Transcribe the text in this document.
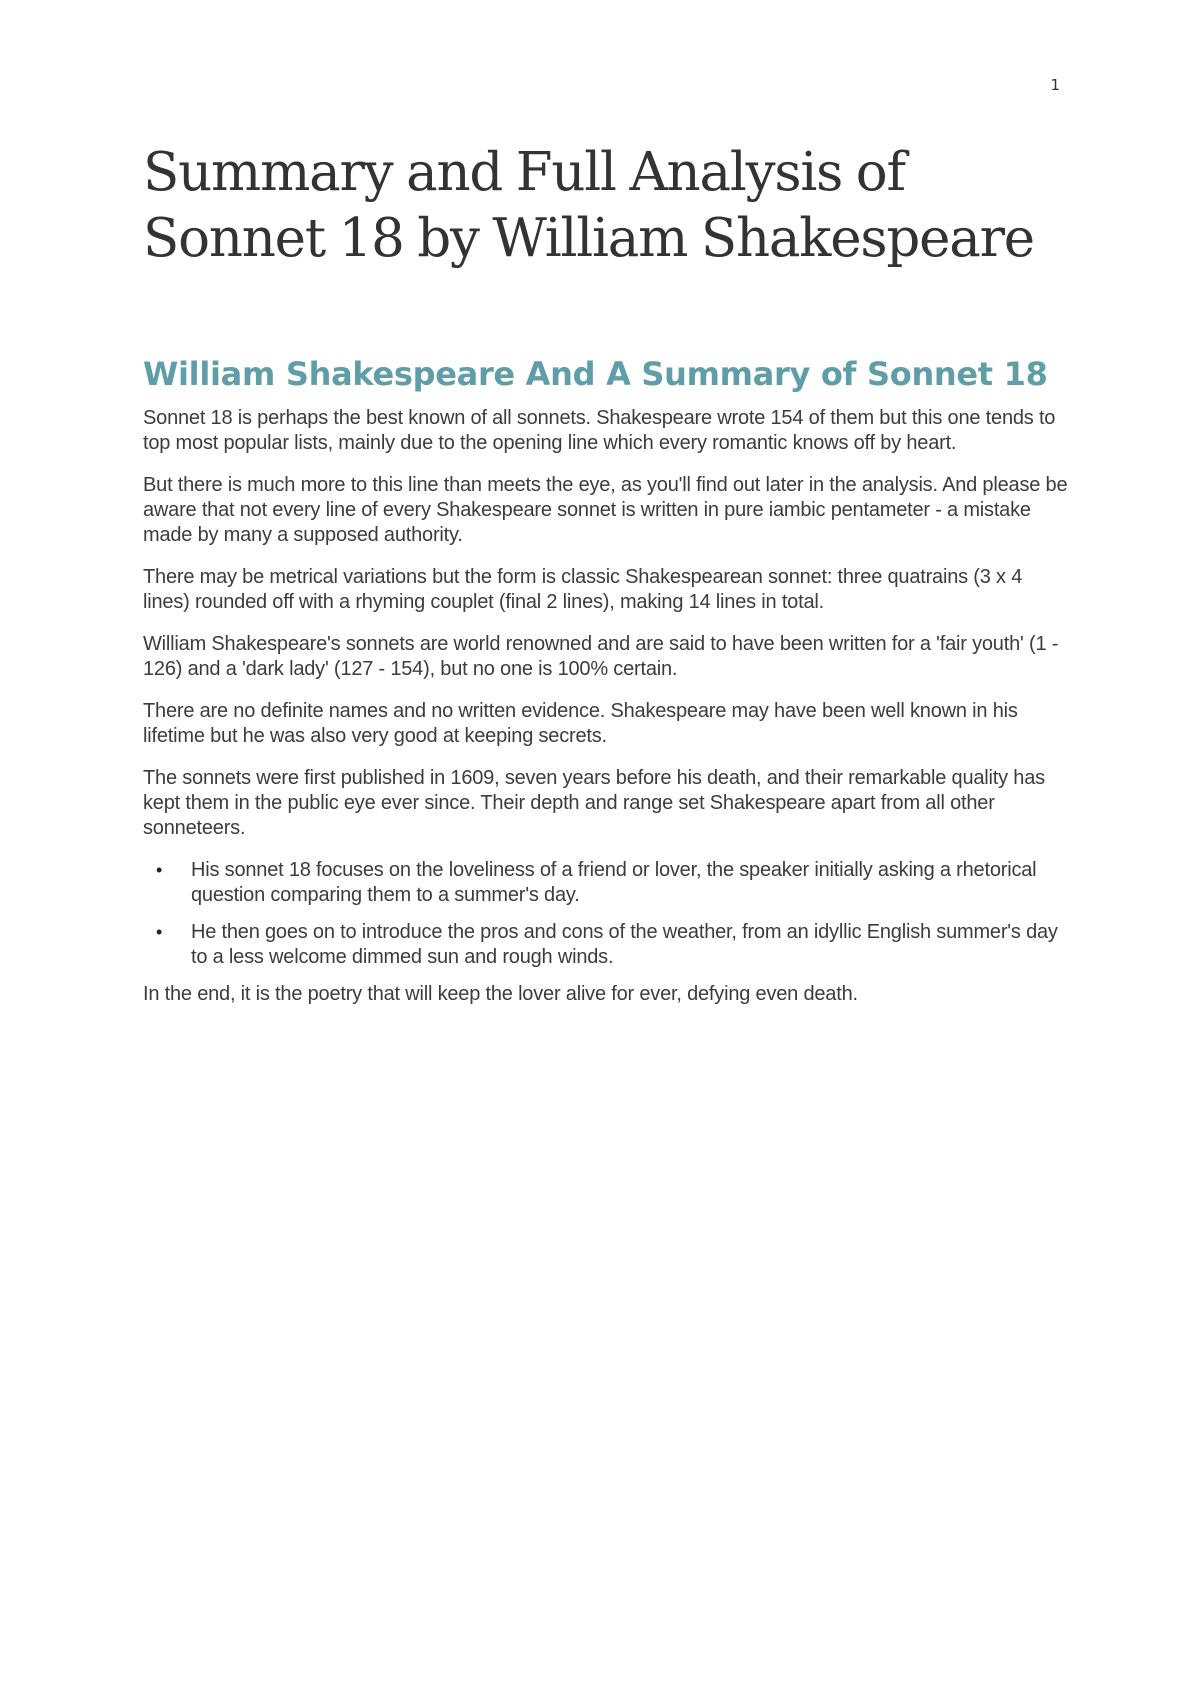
1
Summary and Full Analysis of Sonnet 18 by William Shakespeare
William Shakespeare And A Summary of Sonnet 18

Sonnet 18 is perhaps the best known of all sonnets. Shakespeare wrote 154 of them but this one tends to top most popular lists, mainly due to the opening line which every romantic knows off by heart.

But there is much more to this line than meets the eye, as you'll find out later in the analysis. And please be aware that not every line of every Shakespeare sonnet is written in pure iambic pentameter - a mistake made by many a supposed authority.

There may be metrical variations but the form is classic Shakespearean sonnet: three quatrains (3 x 4 lines) rounded off with a rhyming couplet (final 2 lines), making 14 lines in total.

William Shakespeare's sonnets are world renowned and are said to have been written for a 'fair youth' (1 - 126) and a 'dark lady' (127 - 154), but no one is 100% certain.

There are no definite names and no written evidence. Shakespeare may have been well known in his lifetime but he was also very good at keeping secrets.

The sonnets were first published in 1609, seven years before his death, and their remarkable quality has kept them in the public eye ever since. Their depth and range set Shakespeare apart from all other sonneteers.

• His sonnet 18 focuses on the loveliness of a friend or lover, the speaker initially asking a rhetorical question comparing them to a summer's day.
• He then goes on to introduce the pros and cons of the weather, from an idyllic English summer's day to a less welcome dimmed sun and rough winds.

In the end, it is the poetry that will keep the lover alive for ever, defying even death.
